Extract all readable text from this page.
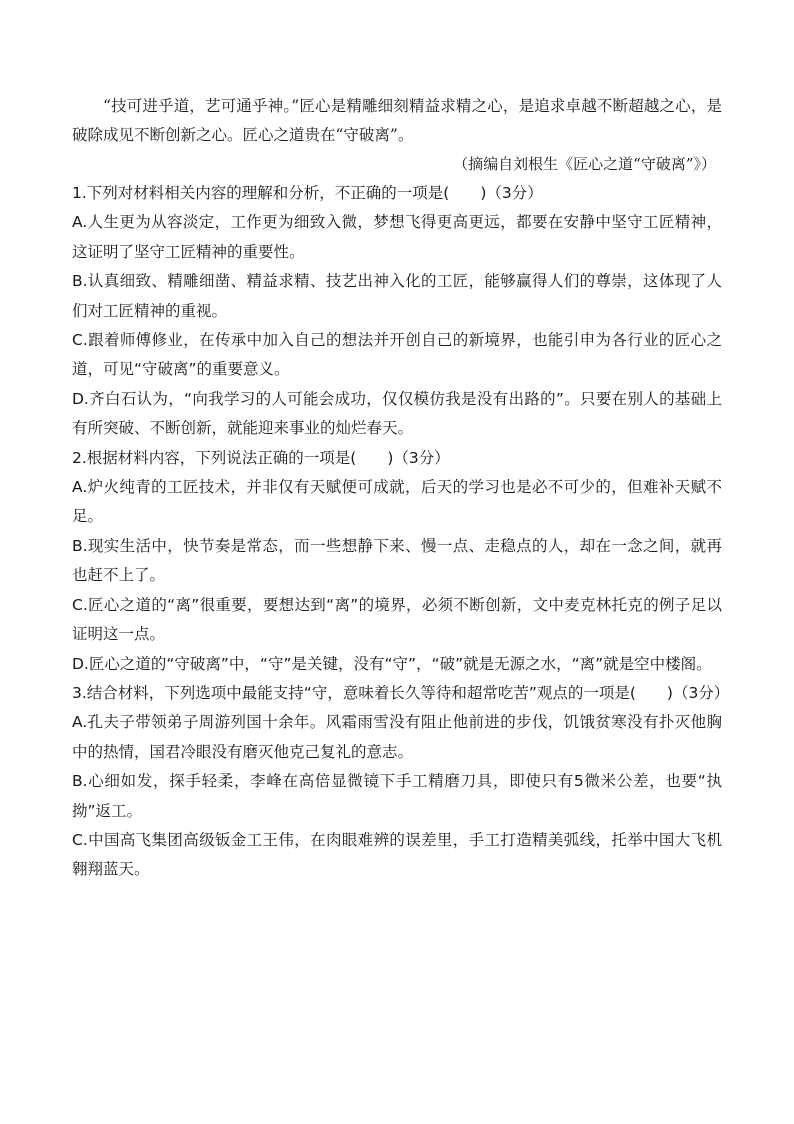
“技可进乎道，艺可通乎神。”匠心是精雕细刻精益求精之心，是追求卓越不断超越之心，是破除成见不断创新之心。匠心之道贵在“守破离”。

（摘编自刘根生《匠心之道“守破离”》）

1.下列对材料相关内容的理解和分析，不正确的一项是(　　)（3分）

A.人生更为从容淡定，工作更为细致入微，梦想飞得更高更远，都要在安静中坚守工匠精神，这证明了坚守工匠精神的重要性。

B.认真细致、精雕细凿、精益求精、技艺出神入化的工匠，能够赢得人们的尊崇，这体现了人们对工匠精神的重视。

C.跟着师傅修业，在传承中加入自己的想法并开创自己的新境界，也能引申为各行业的匠心之道，可见“守破离”的重要意义。

D.齐白石认为，“向我学习的人可能会成功，仅仅模仿我是没有出路的”。只要在别人的基础上有所突破、不断创新，就能迎来事业的灿烂春天。

2.根据材料内容，下列说法正确的一项是(　　)（3分）

A.炉火纯青的工匠技术，并非仅有天赋便可成就，后天的学习也是必不可少的，但难补天赋不足。

B.现实生活中，快节奏是常态，而一些想静下来、慢一点、走稳点的人，却在一念之间，就再也赶不上了。

C.匠心之道的“离”很重要，要想达到“离”的境界，必须不断创新，文中麦克林托克的例子足以证明这一点。

D.匠心之道的“守破离”中，“守”是关键，没有“守”，“破”就是无源之水，“离”就是空中楼阁。

3.结合材料，下列选项中最能支持“守，意味着长久等待和超常吃苦”观点的一项是(　　)（3分）

A.孔夫子带领弟子周游列国十余年。风霜雨雪没有阻止他前进的步伐，饥饿贫寒没有扑灭他胸中的热情，国君冷眼没有磨灭他克己复礼的意志。

B.心细如发，探手轻柔，李峰在高倍显微镜下手工精磨刀具，即使只有5微米公差，也要“执拗”返工。

C.中国高飞集团高级钣金工王伟，在肉眼难辨的误差里，手工打造精美弧线，托举中国大飞机翱翔蓝天。
